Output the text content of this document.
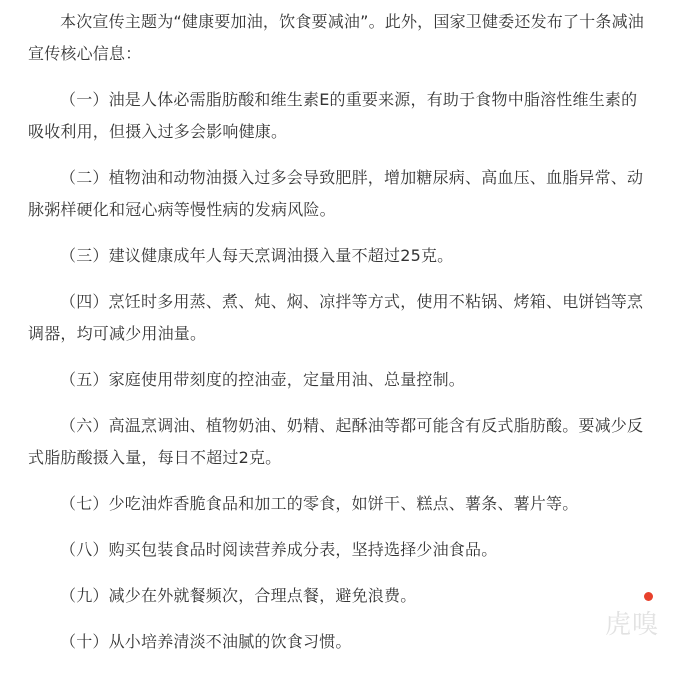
本次宣传主题为“健康要加油，饮食要减油”。此外，国家卫健委还发布了十条减油宣传核心信息：

（一）油是人体必需脂肪酸和维生素E的重要来源，有助于食物中脂溶性维生素的吸收利用，但摄入过多会影响健康。

（二）植物油和动物油摄入过多会导致肥胖，增加糖尿病、高血压、血脂异常、动脉粥样硬化和冠心病等慢性病的发病风险。

（三）建议健康成年人每天烹调油摄入量不超过25克。

（四）烹饪时多用蒸、煮、炖、焖、凉拌等方式，使用不粘锅、烤箱、电饼铛等烹调器，均可减少用油量。

（五）家庭使用带刻度的控油壶，定量用油、总量控制。

（六）高温烹调油、植物奶油、奶精、起酥油等都可能含有反式脂肪酸。要减少反式脂肪酸摄入量，每日不超过2克。

（七）少吃油炸香脆食品和加工的零食，如饼干、糕点、薯条、薯片等。

（八）购买包装食品时阅读营养成分表，坚持选择少油食品。

（九）减少在外就餐频次，合理点餐，避免浪费。

（十）从小培养清淡不油腻的饮食习惯。

虎嗅
